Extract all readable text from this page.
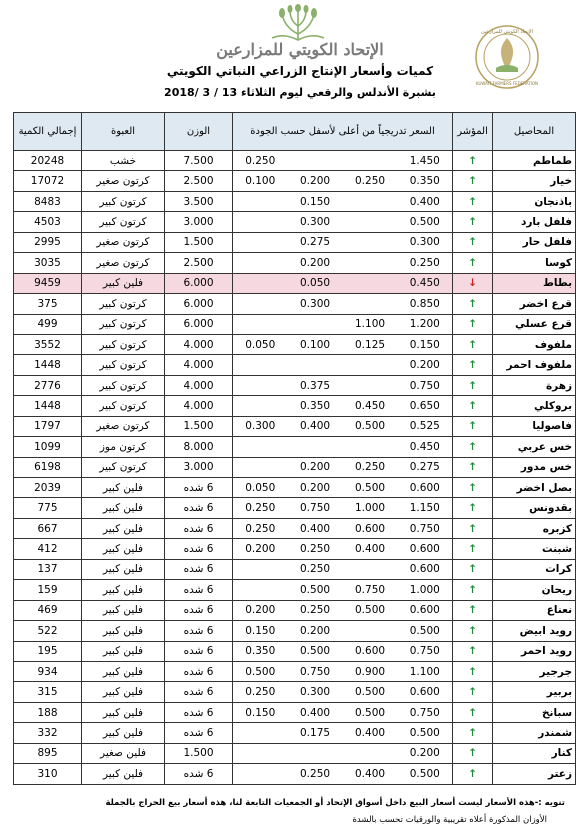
الإتحاد الكويتي للمزارعين
KUWAIT FARMERS FEDERATION
الإتحاد الكويتي للمزارعين
كميات وأسعار الإنتاج الزراعي النباتي الكويتي
بشبرة الأندلس والرقعي ليوم الثلاثاء 13 / 3 /2018
المحاصيل	المؤشر	السعر تدريجياً من أعلى لأسفل حسب الجودة				الوزن	العبوة	إجمالي الكمية
طماطم	↑	1.450			0.250	7.500	خشب	20248
خيار	↑	0.350	0.250	0.200	0.100	2.500	كرتون صغير	17072
باذنجان	↑	0.400		0.150		3.500	كرتون كبير	8483
فلفل بارد	↑	0.500		0.300		3.000	كرتون كبير	4503
فلفل حار	↑	0.300		0.275		1.500	كرتون صغير	2995
كوسا	↑	0.250		0.200		2.500	كرتون صغير	3035
بطاط	↓	0.450		0.050		6.000	فلين كبير	9459
قرع اخضر	↑	0.850		0.300		6.000	كرتون كبير	375
قرع عسلي	↑	1.200	1.100			6.000	كرتون كبير	499
ملفوف	↑	0.150	0.125	0.100	0.050	4.000	كرتون كبير	3552
ملفوف احمر	↑	0.200				4.000	كرتون كبير	1448
زهرة	↑	0.750		0.375		4.000	كرتون كبير	2776
بروكلي	↑	0.650	0.450	0.350		4.000	كرتون كبير	1448
فاصوليا	↑	0.525	0.500	0.400	0.300	1.500	كرتون صغير	1797
خس عربي	↑	0.450				8.000	كرتون موز	1099
خس مدور	↑	0.275	0.250	0.200		3.000	كرتون كبير	6198
بصل اخضر	↑	0.600	0.500	0.200	0.050	6 شده	فلين كبير	2039
بقدونس	↑	1.150	1.000	0.750	0.250	6 شده	فلين كبير	775
كزبره	↑	0.750	0.600	0.400	0.250	6 شده	فلين كبير	667
شبنت	↑	0.600	0.400	0.250	0.200	6 شده	فلين كبير	412
كرات	↑	0.600		0.250		6 شده	فلين كبير	137
ريحان	↑	1.000	0.750	0.500		6 شده	فلين كبير	159
نعناع	↑	0.600	0.500	0.250	0.200	6 شده	فلين كبير	469
رويد ابيض	↑	0.500		0.200	0.150	6 شده	فلين كبير	522
رويد احمر	↑	0.750	0.600	0.500	0.350	6 شده	فلين كبير	195
جرجير	↑	1.100	0.900	0.750	0.500	6 شده	فلين كبير	934
بربير	↑	0.600	0.500	0.300	0.250	6 شده	فلين كبير	315
سبانخ	↑	0.750	0.500	0.400	0.150	6 شده	فلين كبير	188
شمندر	↑	0.500	0.400	0.175		6 شده	فلين كبير	332
كنار	↑	0.200				1.500	فلين صغير	895
زعتر	↑	0.500	0.400	0.250		6 شده	فلين كبير	310
تنويه :-هذه الأسعار ليست أسعار البيع داخل أسواق الإتحاد أو الجمعيات التابعة لنا، هذه أسعار بيع الحراج بالجملة
الأوزان المذكورة أعلاه تقريبية والورقيات تحسب بالشدة
